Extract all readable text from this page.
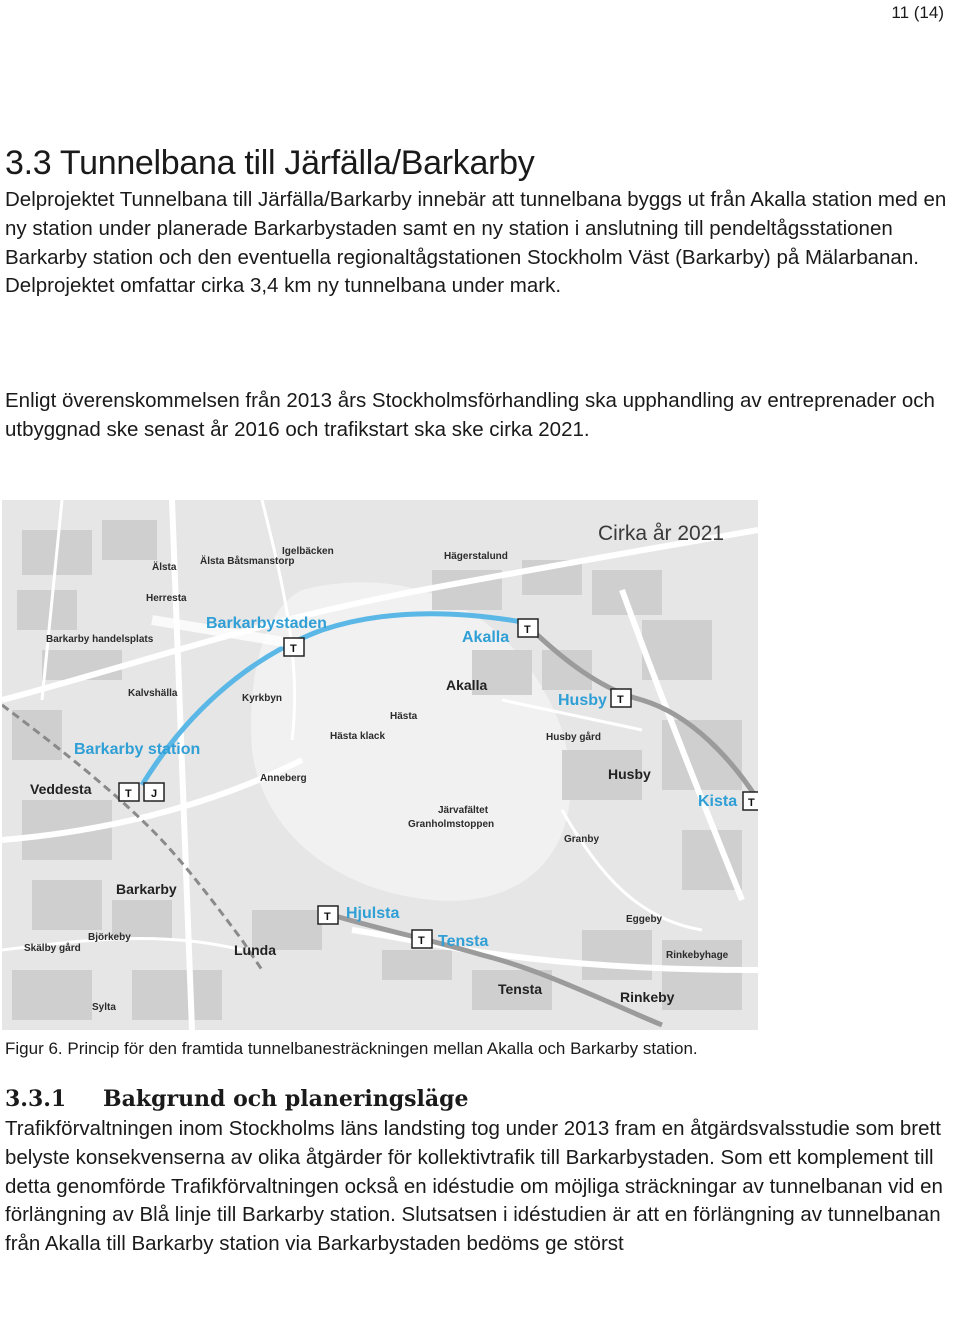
11 (14)
3.3 Tunnelbana till Järfälla/Barkarby

Delprojektet Tunnelbana till Järfälla/Barkarby innebär att tunnelbana byggs ut från Akalla station med en ny station under planerade Barkarbystaden samt en ny station i anslutning till pendeltågsstationen Barkarby station och den eventuella regionaltågstationen Stockholm Väst (Barkarby) på Mälarbanan. Delprojektet omfattar cirka 3,4 km ny tunnelbana under mark.

Enligt överenskommelsen från 2013 års Stockholmsförhandling ska upphandling av entreprenader och utbyggnad ske senast år 2016 och trafikstart ska ske cirka 2021.

Älsta
Älsta Båtsmanstorp
Igelbäcken	Hägerstalund
Herresta
Barkarby handelsplats
Kalvshälla	Kyrkbyn
Akalla
Hästa
Hästa klack	Husby gård
Husby
Veddesta
Anneberg
Järvafältet
Granholmstoppen
Granby
Barkarby
Björkeby
Skälby gård	Lunda
Sylta
Tensta
Eggeby
Rinkebyhage
Rinkeby
Cirka år 2021
Barkarbystaden
Akalla
Husby
Kista
Hjulsta
Tensta
Barkarby station
T
T
T
T
T J
T
T

Figur 6. Princip för den framtida tunnelbanesträckningen mellan Akalla och Barkarby station.

3.3.1 Bakgrund och planeringsläge

Trafikförvaltningen inom Stockholms läns landsting tog under 2013 fram en åtgärdsvalsstudie som brett belyste konsekvenserna av olika åtgärder för kollektivtrafik till Barkarbystaden. Som ett komplement till detta genomförde Trafikförvaltningen också en idéstudie om möjliga sträckningar av tunnelbanan vid en förlängning av Blå linje till Barkarby station. Slutsatsen i idéstudien är att en förlängning av tunnelbanan från Akalla till Barkarby station via Barkarbystaden bedöms ge störst
